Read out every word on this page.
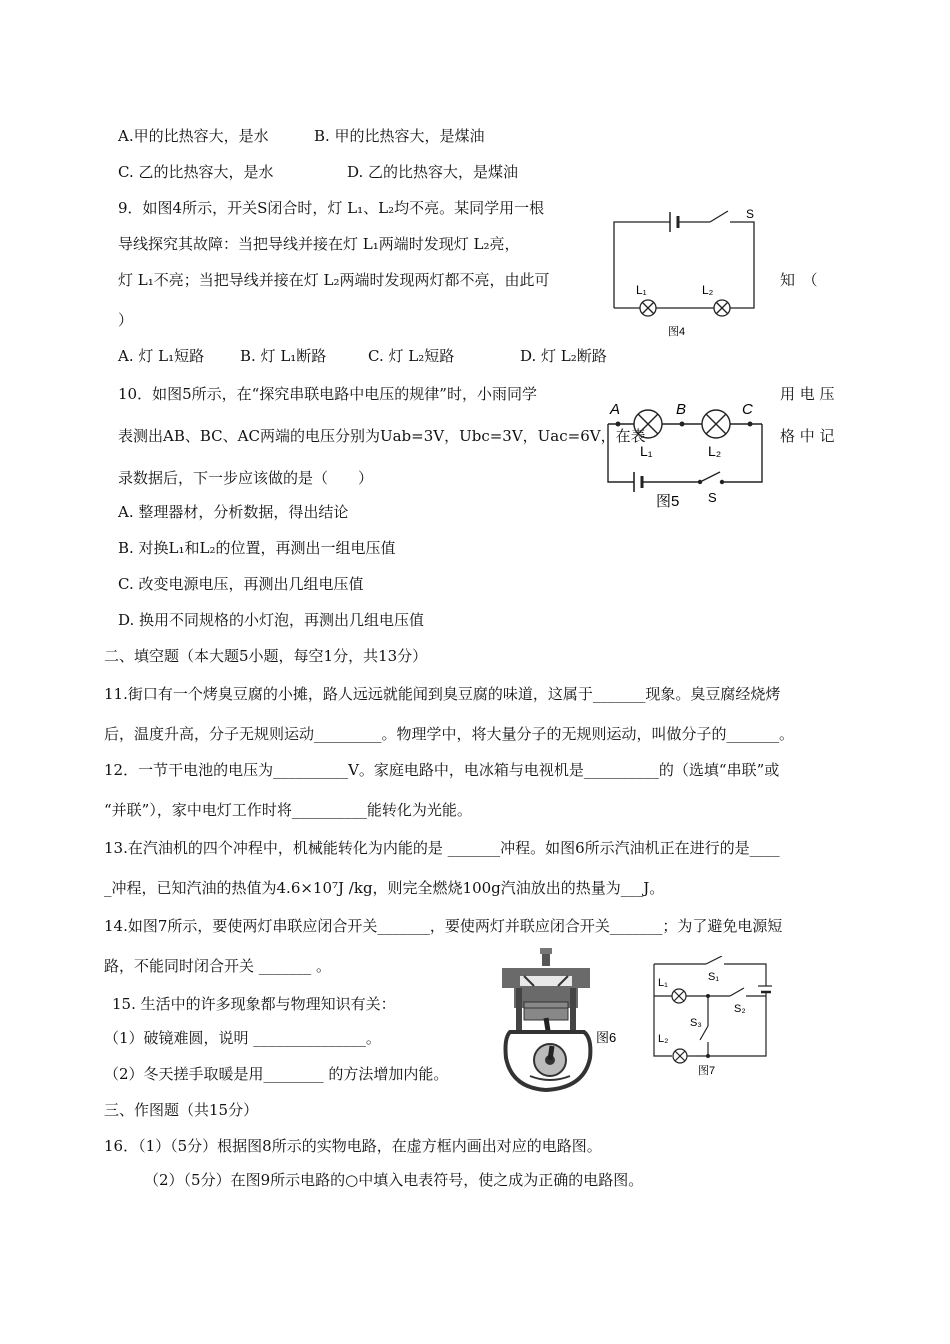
A.甲的比热容大，是水	B. 甲的比热容大，是煤油
C. 乙的比热容大，是水	D. 乙的比热容大，是煤油
9．如图4所示，开关S闭合时，灯 L₁、L₂均不亮。某同学用一根
导线探究其故障：当把导线并接在灯 L₁两端时发现灯 L₂亮，
灯 L₁不亮；当把导线并接在灯 L₂两端时发现两灯都不亮，由此可	知　（
）
A. 灯 L₁短路 B. 灯 L₁断路	C. 灯 L₂短路	D. 灯 L₂断路
S
L₁	L₂
图4
10．如图5所示，在“探究串联电路中电压的规律”时，小雨同学	用 电 压
表测出AB、BC、AC两端的电压分别为Uab=3V，Ubc=3V，Uac=6V，在表	格 中 记
录数据后，下一步应该做的是（　　）
A. 整理器材，分析数据，得出结论
B. 对换L₁和L₂的位置，再测出一组电压值
C. 改变电源电压，再测出几组电压值
D. 换用不同规格的小灯泡，再测出几组电压值
A	B	C
L₁	L₂
图5 S
二、填空题（本大题5小题，每空1分，共13分）
11.街口有一个烤臭豆腐的小摊，路人远远就能闻到臭豆腐的味道，这属于_______现象。臭豆腐经烧烤
后，温度升高，分子无规则运动_________。物理学中，将大量分子的无规则运动，叫做分子的_______。
12．一节干电池的电压为__________V。家庭电路中，电冰箱与电视机是__________的（选填“串联”或
“并联”），家中电灯工作时将__________能转化为光能。
13.在汽油机的四个冲程中，机械能转化为内能的是 _______冲程。如图6所示汽油机正在进行的是____
_冲程，已知汽油的热值为4.6×10⁷J /kg，则完全燃烧100g汽油放出的热量为___J。
14.如图7所示，要使两灯串联应闭合开关_______，要使两灯并联应闭合开关_______；为了避免电源短
路，不能同时闭合开关 _______ 。
15. 生活中的许多现象都与物理知识有关：
（1）破镜难圆，说明 _______________。
（2）冬天搓手取暖是用________ 的方法增加内能。
图6
S₁
L₁
S₂
S₃
L₂
图7
三、作图题（共15分）
16．（1）（5分）根据图8所示的实物电路，在虚方框内画出对应的电路图。
（2）（5分）在图9所示电路的○中填入电表符号，使之成为正确的电路图。
